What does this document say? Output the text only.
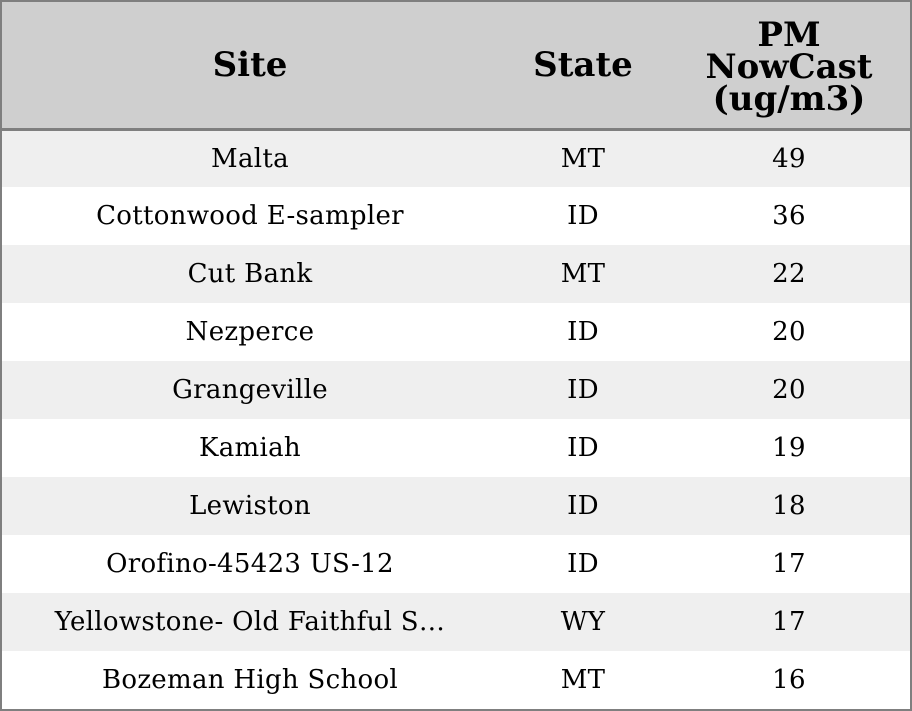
Site	State	PM NowCast (ug/m3)
Malta	MT	49
Cottonwood E-sampler	ID	36
Cut Bank	MT	22
Nezperce	ID	20
Grangeville	ID	20
Kamiah	ID	19
Lewiston	ID	18
Orofino-45423 US-12	ID	17
Yellowstone- Old Faithful S…	WY	17
Bozeman High School	MT	16
